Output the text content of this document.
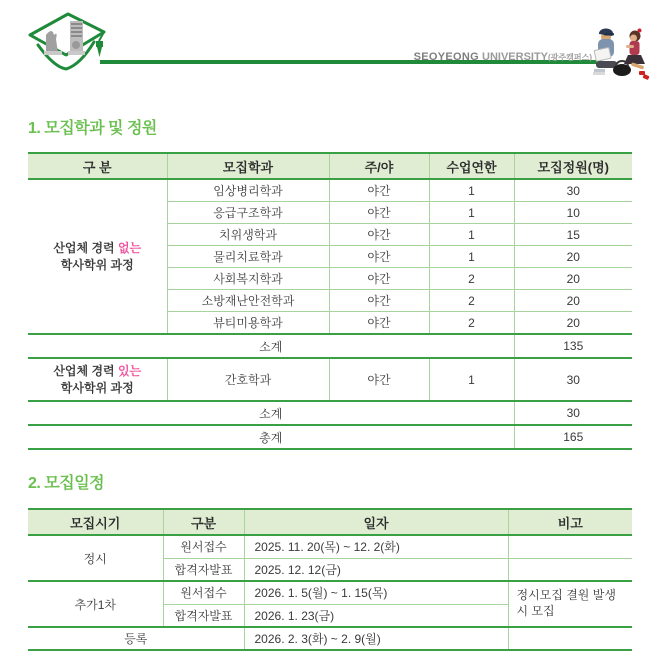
SEOYEONG UNIVERSITY(광주캠퍼스)
1. 모집학과 및 정원
구 분	모집학과	주/야	수업연한	모집정원(명)
산업체 경력 없는
학사학위 과정	임상병리학과	야간	1	30
	응급구조학과	야간	1	10
	치위생학과	야간	1	15
	물리치료학과	야간	1	20
	사회복지학과	야간	2	20
	소방재난안전학과	야간	2	20
	뷰티미용학과	야간	2	20
소계				135
산업체 경력 있는
학사학위 과정	간호학과	야간	1	30
소계				30
총계				165
2. 모집일정
모집시기	구분	일자	비고
정시	원서접수	2025. 11. 20(목) ~ 12. 2(화)	
	합격자발표	2025. 12. 12(금)	
추가1차	원서접수	2026. 1. 5(월) ~ 1. 15(목)	정시모집 결원 발생 시 모집
	합격자발표	2026. 1. 23(금)	
등록		2026. 2. 3(화) ~ 2. 9(월)	
